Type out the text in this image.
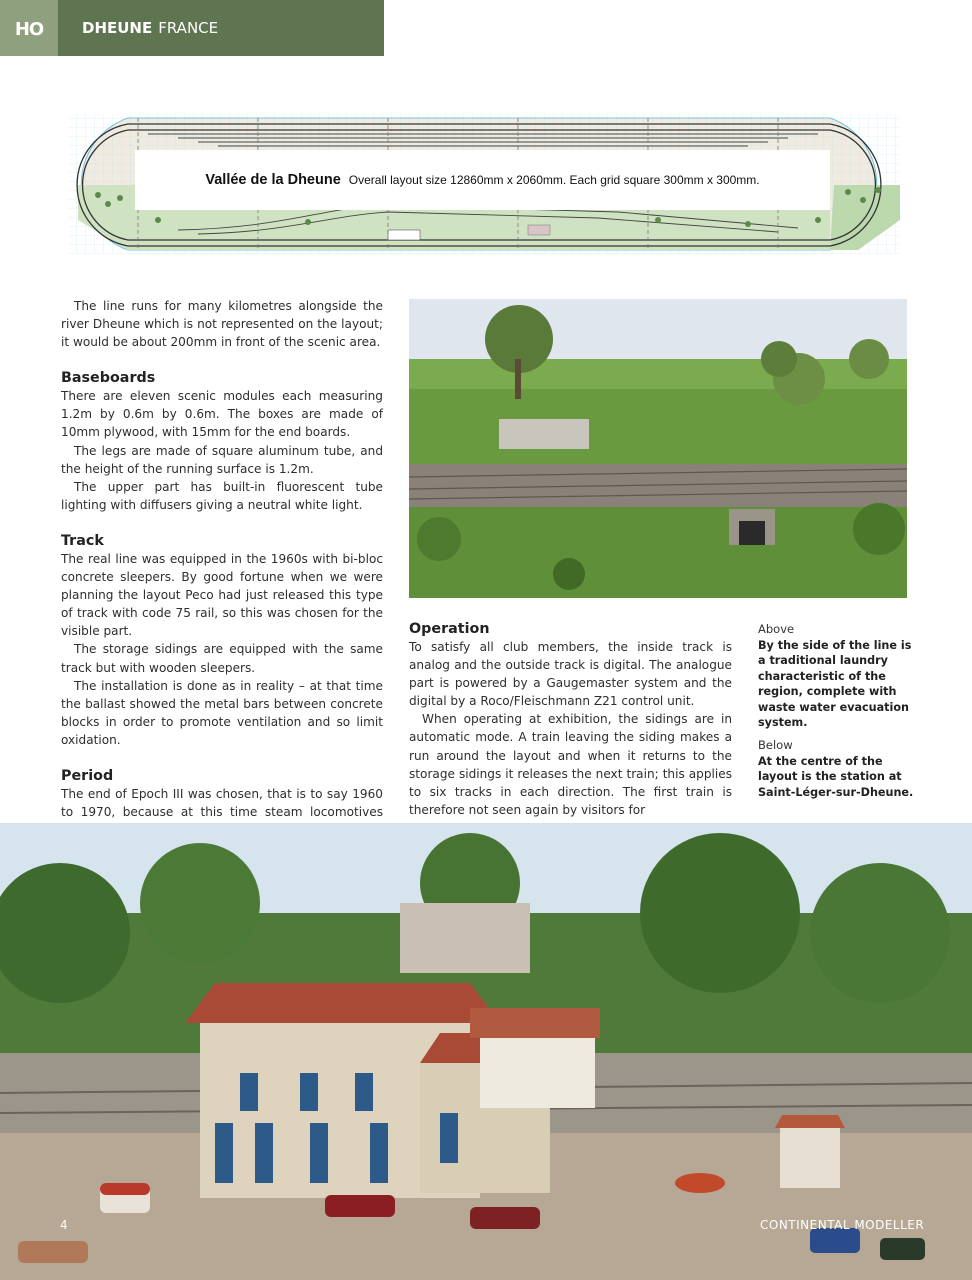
HO	DHEUNE FRANCE
Vallée de la Dheune Overall layout size 12860mm x 2060mm. Each grid square 300mm x 300mm.

The line runs for many kilometres alongside the river Dheune which is not represented on the layout; it would be about 200mm in front of the scenic area.

Baseboards

There are eleven scenic modules each measuring 1.2m by 0.6m by 0.6m. The boxes are made of 10mm plywood, with 15mm for the end boards.

The legs are made of square aluminum tube, and the height of the running surface is 1.2m.

The upper part has built-in fluorescent tube lighting with diffusers giving a neutral white light.

Track

The real line was equipped in the 1960s with bi-bloc concrete sleepers. By good fortune when we were planning the layout Peco had just released this type of track with code 75 rail, so this was chosen for the visible part.

The storage sidings are equipped with the same track but with wooden sleepers.

The installation is done as in reality – at that time the ballast showed the metal bars between concrete blocks in order to promote ventilation and so limit oxidation.

Period

The end of Epoch III was chosen, that is to say 1960 to 1970, because at this time steam locomotives

Operation

To satisfy all club members, the inside track is analog and the outside track is digital. The analogue part is powered by a Gaugemaster system and the digital by a Roco/Fleischmann Z21 control unit.

When operating at exhibition, the sidings are in automatic mode. A train leaving the siding makes a run around the layout and when it returns to the storage sidings it releases the next train; this applies to six tracks in each direction. The first train is therefore not seen again by visitors for

Above
By the side of the line is a traditional laundry characteristic of the region, complete with waste water evacuation system.
Below
At the centre of the layout is the station at Saint-Léger-sur-Dheune.
4	CONTINENTAL MODELLER
